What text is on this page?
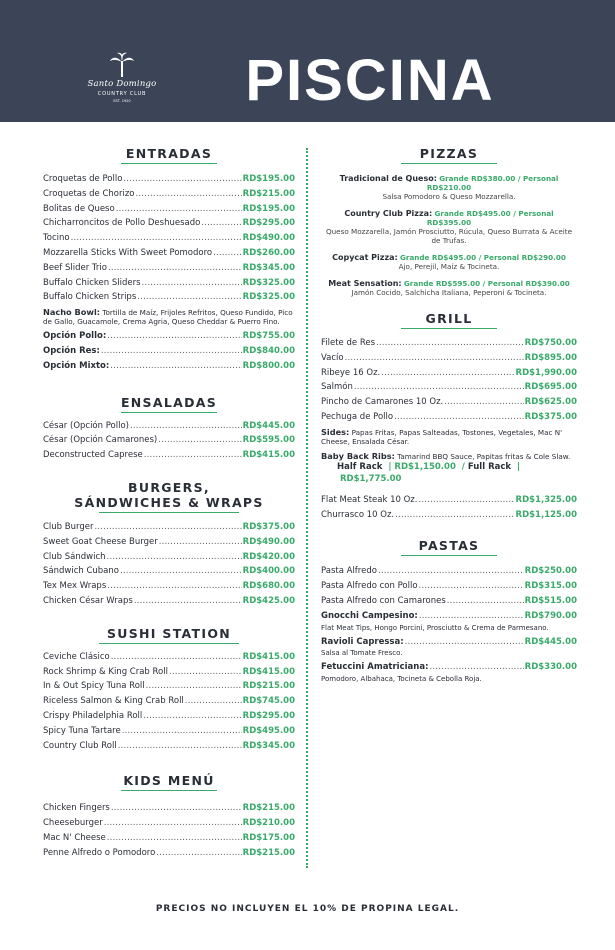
Santo Domingo
COUNTRY CLUB
EST. 1920	PISCINA
ENTRADAS
Croquetas de Pollo .....	RD$195.00
Croquetas de Chorizo .....	RD$215.00
Bolitas de Queso .....	RD$195.00
Chicharroncitos de Pollo Deshuesado .....	RD$295.00
Tocino .....	RD$490.00
Mozzarella Sticks With Sweet Pomodoro .....	RD$260.00
Beef Slider Trio .....	RD$345.00
Buffalo Chicken Sliders .....	RD$325.00
Buffalo Chicken Strips .....	RD$325.00
Nacho Bowl: Tortilla de Maíz, Frijoles Refritos, Queso Fundido, Pico de Gallo, Guacamole, Crema Agria, Queso Cheddar & Puerro Fino.
Opción Pollo: .....	RD$755.00
Opción Res: .....	RD$840.00
Opción Mixto: .....	RD$800.00
ENSALADAS
César (Opción Pollo) .....	RD$445.00
César (Opción Camarones) .....	RD$595.00
Deconstructed Caprese .....	RD$415.00
BURGERS,
SÁNDWICHES & WRAPS
Club Burger .....	RD$375.00
Sweet Goat Cheese Burger .....	RD$490.00
Club Sándwich .....	RD$420.00
Sándwich Cubano .....	RD$400.00
Tex Mex Wraps .....	RD$680.00
Chicken César Wraps .....	RD$425.00
SUSHI STATION
Ceviche Clásico .....	RD$415.00
Rock Shrimp & King Crab Roll .....	RD$415.00
In & Out Spicy Tuna Roll .....	RD$215.00
Riceless Salmon & King Crab Roll .....	RD$745.00
Crispy Philadelphia Roll .....	RD$295.00
Spicy Tuna Tartare .....	RD$495.00
Country Club Roll .....	RD$345.00
KIDS MENÚ
Chicken Fingers .....	RD$215.00
Cheeseburger .....	RD$210.00
Mac N' Cheese .....	RD$175.00
Penne Alfredo o Pomodoro .....	RD$215.00
PIZZAS
Tradicional de Queso: Grande RD$380.00 / Personal RD$210.00
Salsa Pomodoro & Queso Mozzarella.
Country Club Pizza: Grande RD$495.00 / Personal RD$395.00
Queso Mozzarella, Jamón Prosciutto, Rúcula, Queso Burrata & Aceite de Trufas.
Copycat Pizza: Grande RD$495.00 / Personal RD$290.00
Ajo, Perejil, Maíz & Tocineta.
Meat Sensation: Grande RD$595.00 / Personal RD$390.00
Jamón Cocido, Salchicha Italiana, Peperoni & Tocineta.
GRILL
Filete de Res .....	RD$750.00
Vacío .....	RD$895.00
Ribeye 16 Oz. .....	RD$1,990.00
Salmón .....	RD$695.00
Pincho de Camarones 10 Oz. .....	RD$625.00
Pechuga de Pollo .....	RD$375.00
Sides: Papas Fritas, Papas Salteadas, Tostones, Vegetales, Mac N' Cheese, Ensalada César.
Baby Back Ribs: Tamarind BBQ Sauce, Papitas fritas & Cole Slaw.
Half Rack  | RD$1,150.00  / Full Rack  | RD$1,775.00
Flat Meat Steak 10 Oz. .....	RD$1,325.00
Churrasco 10 Oz. .....	RD$1,125.00
PASTAS
Pasta Alfredo .....	RD$250.00
Pasta Alfredo con Pollo .....	RD$315.00
Pasta Alfredo con Camarones .....	RD$515.00
Gnocchi Campesino: .....	RD$790.00
Flat Meat Tips, Hongo Porcini, Prosciutto & Crema de Parmesano.
Ravioli Capressa: .....	RD$445.00
Salsa al Tomate Fresco.
Fetuccini Amatriciana: .....	RD$330.00
Pomodoro, Albahaca, Tocineta & Cebolla Roja.
PRECIOS NO INCLUYEN EL 10% DE PROPINA LEGAL.
